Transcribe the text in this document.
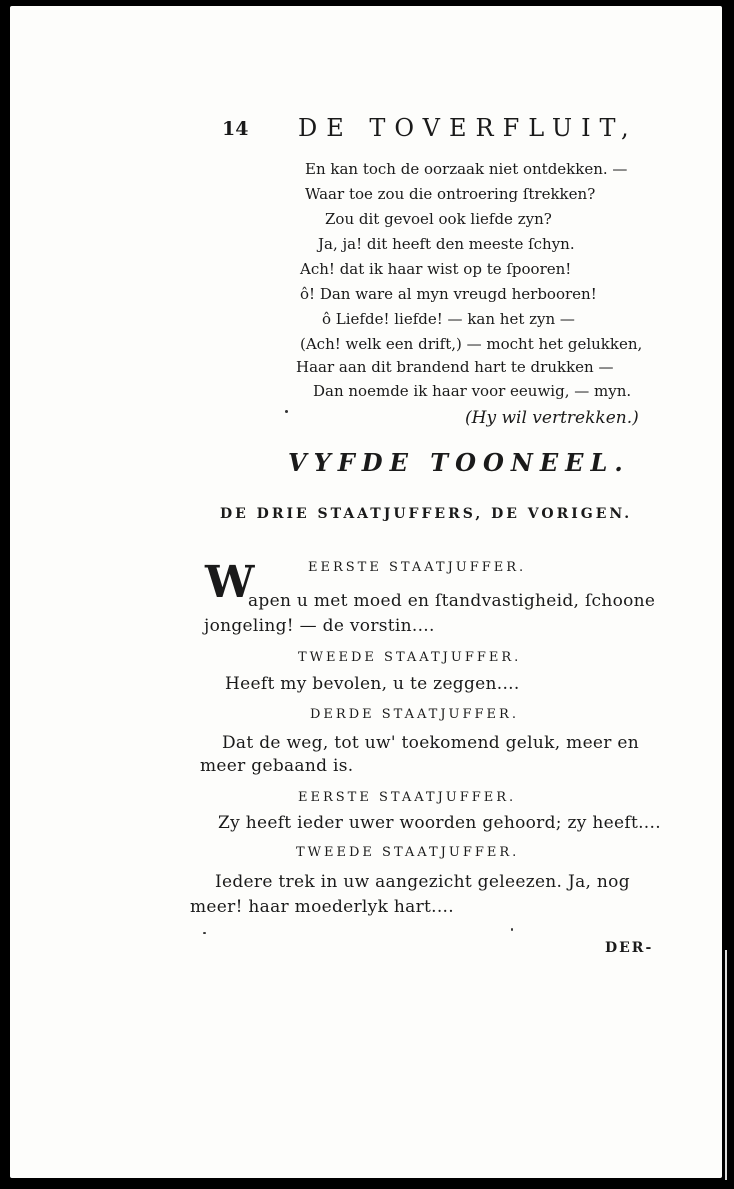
14 DE TOVERFLUIT,
En kan toch de oorzaak niet ontdekken. —
Waar toe zou die ontroering ſtrekken?
Zou dit gevoel ook liefde zyn?
Ja, ja! dit heeft den meeste ſchyn.
Ach! dat ik haar wist op te ſpooren!
ô! Dan ware al myn vreugd herbooren!
ô Liefde! liefde! — kan het zyn —
(Ach! welk een drift,) — mocht het gelukken,
Haar aan dit brandend hart te drukken —
Dan noemde ik haar voor eeuwig, — myn.
(Hy wil vertrekken.)
VYFDE TOONEEL.
DE DRIE STAATJUFFERS, DE VORIGEN.
EERSTE STAATJUFFER.
W
apen u met moed en ſtandvastigheid, ſchoone
jongeling! — de vorstin....
TWEEDE STAATJUFFER.
Heeft my bevolen, u te zeggen....
DERDE STAATJUFFER.
Dat de weg, tot uw' toekomend geluk, meer en
meer gebaand is.
EERSTE STAATJUFFER.
Zy heeft ieder uwer woorden gehoord; zy heeft....
TWEEDE STAATJUFFER.
Iedere trek in uw aangezicht geleezen. Ja, nog
meer! haar moederlyk hart....
DER-
